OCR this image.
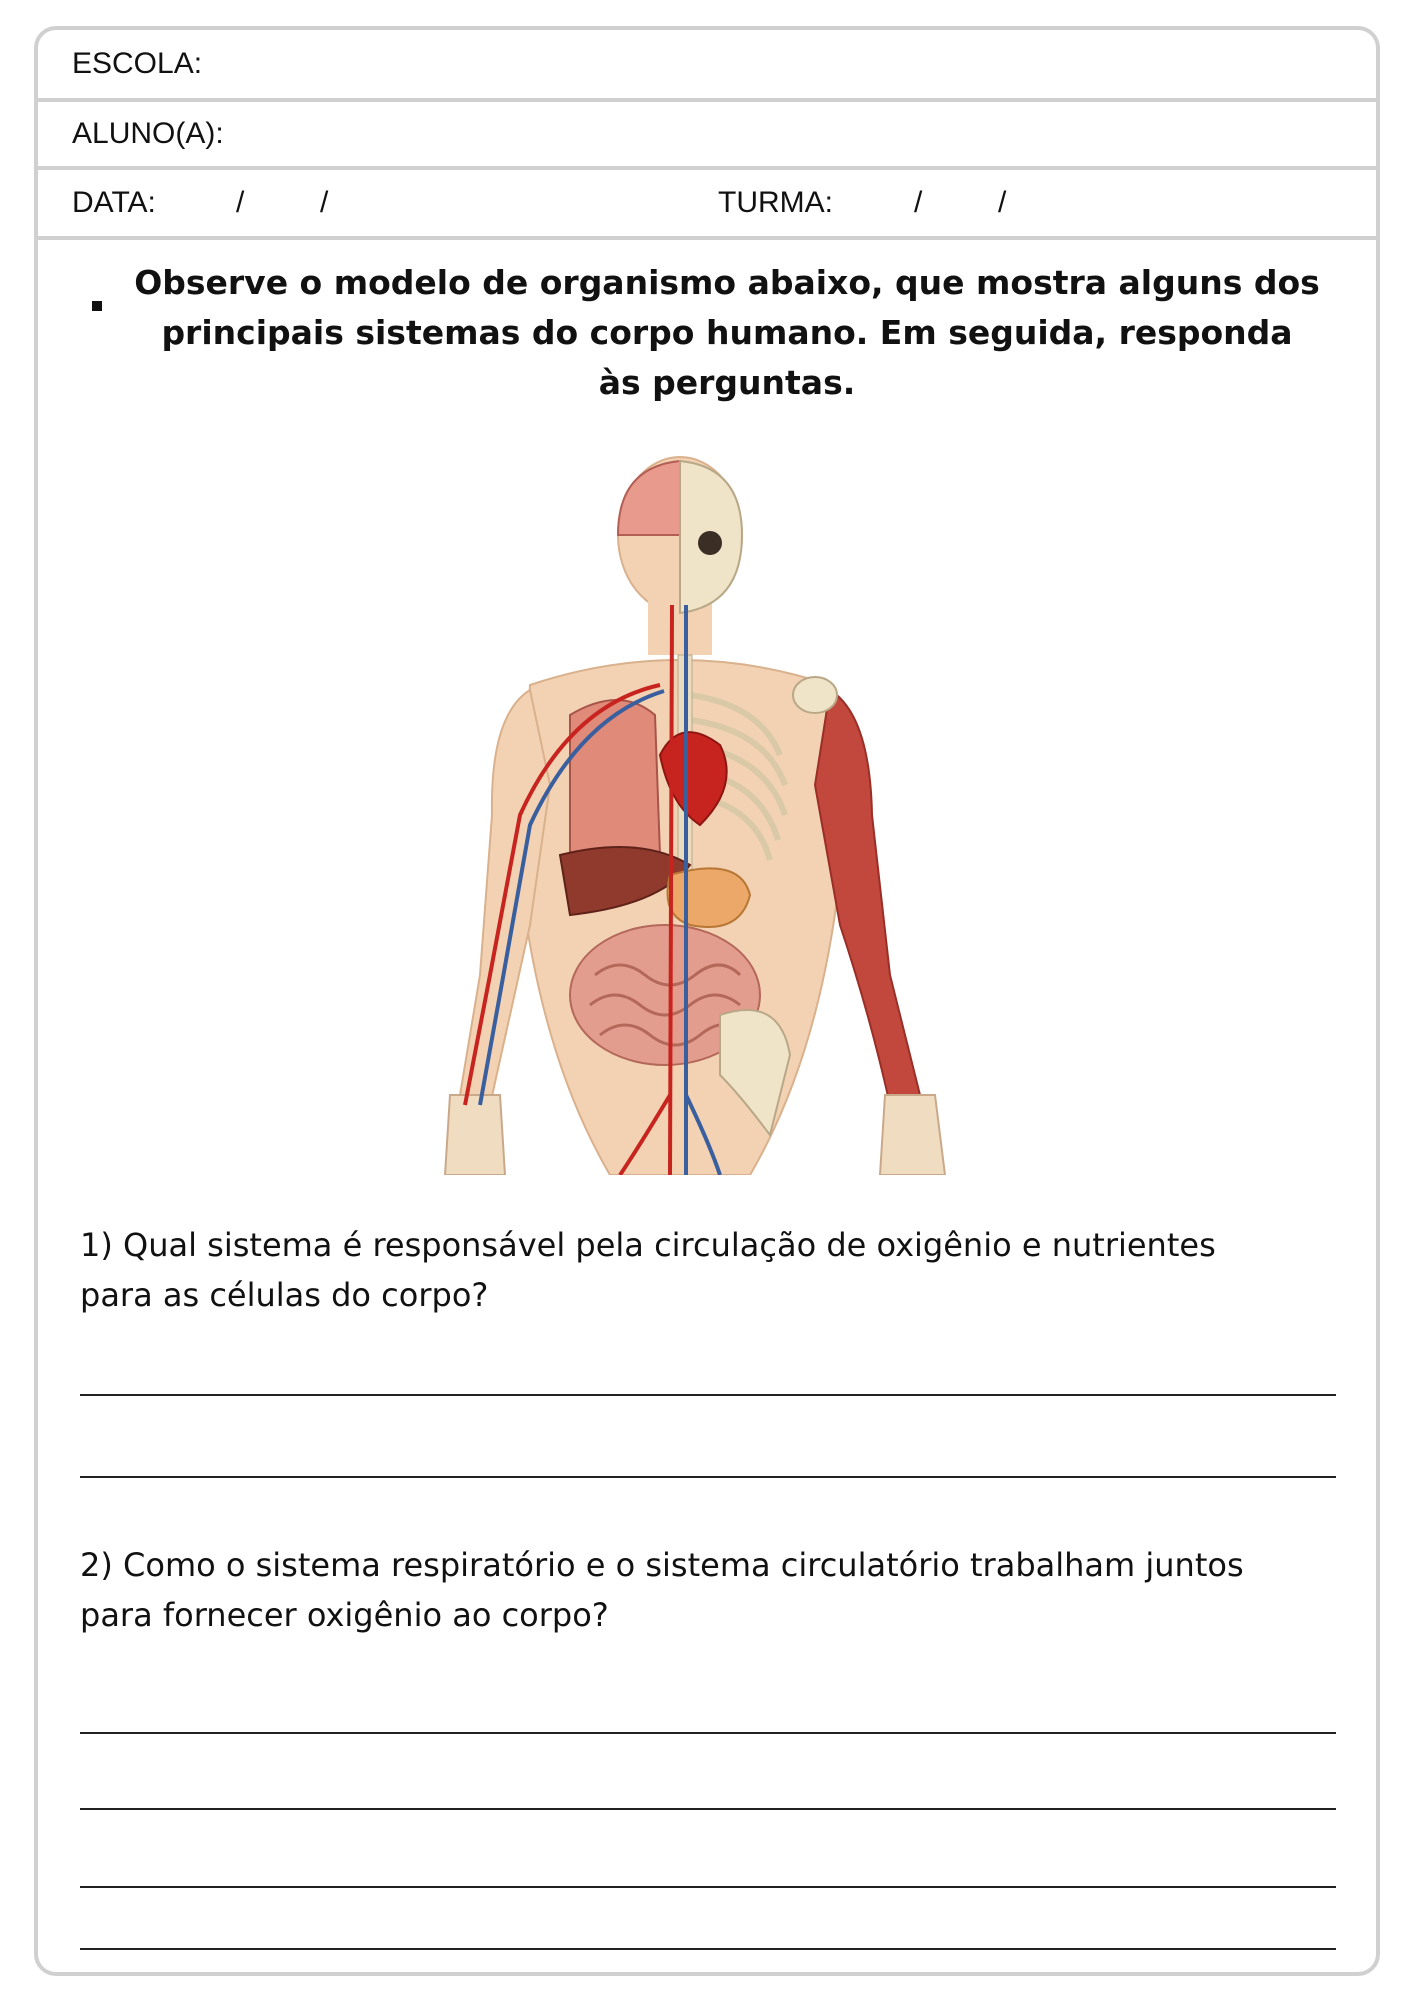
ESCOLA:
ALUNO(A):
DATA:	/	/	TURMA:	/	/
Observe o modelo de organismo abaixo, que mostra alguns dos
principais sistemas do corpo humano. Em seguida, responda
às perguntas.
1) Qual sistema é responsável pela circulação de oxigênio e nutrientes
para as células do corpo?
2) Como o sistema respiratório e o sistema circulatório trabalham juntos
para fornecer oxigênio ao corpo?
